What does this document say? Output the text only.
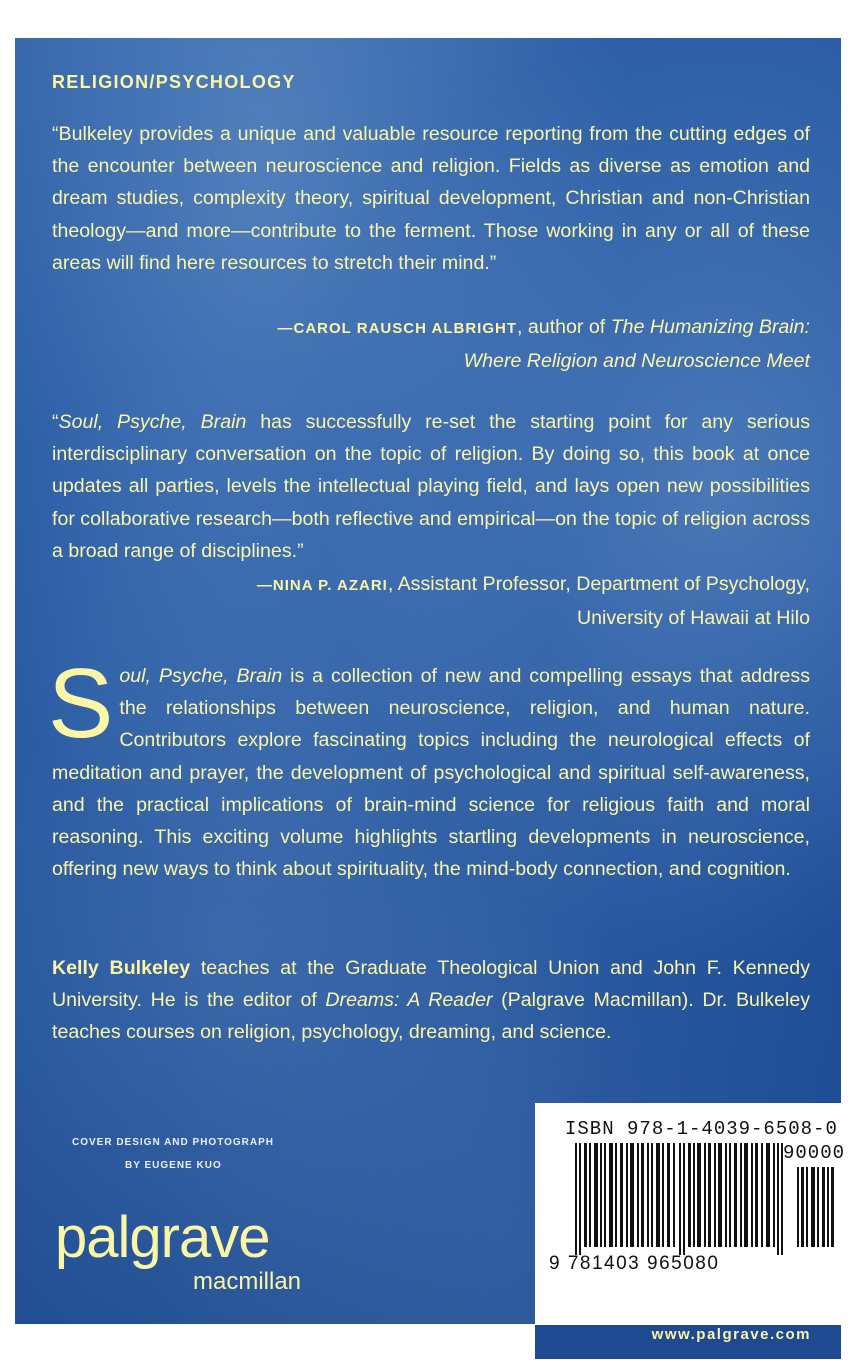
RELIGION/PSYCHOLOGY
“Bulkeley provides a unique and valuable resource reporting from the cutting edges of the encounter between neuroscience and religion. Fields as diverse as emotion and dream studies, complexity theory, spiritual development, Christian and non-Christian theology—and more—contribute to the ferment. Those working in any or all of these areas will find here resources to stretch their mind.”
—CAROL RAUSCH ALBRIGHT, author of The Humanizing Brain:
Where Religion and Neuroscience Meet
“Soul, Psyche, Brain has successfully re-set the starting point for any serious interdisciplinary conversation on the topic of religion. By doing so, this book at once updates all parties, levels the intellectual playing field, and lays open new possibilities for collaborative research—both reflective and empirical—on the topic of religion across a broad range of disciplines.”
—NINA P. AZARI, Assistant Professor, Department of Psychology,
University of Hawaii at Hilo
S oul, Psyche, Brain is a collection of new and compelling essays that address the relationships between neuroscience, religion, and human nature. Contributors explore fascinating topics including the neurological effects of meditation and prayer, the development of psychological and spiritual self-awareness, and the practical implications of brain-mind science for religious faith and moral reasoning. This exciting volume highlights startling developments in neuroscience, offering new ways to think about spirituality, the mind-body connection, and cognition.
Kelly Bulkeley teaches at the Graduate Theological Union and John F. Kennedy University. He is the editor of Dreams: A Reader (Palgrave Macmillan). Dr. Bulkeley teaches courses on religion, psychology, dreaming, and science.
COVER DESIGN AND PHOTOGRAPH
BY EUGENE KUO
palgrave
macmillan
ISBN 978-1-4039-6508-0
90000
9 781403 965080
www.palgrave.com
